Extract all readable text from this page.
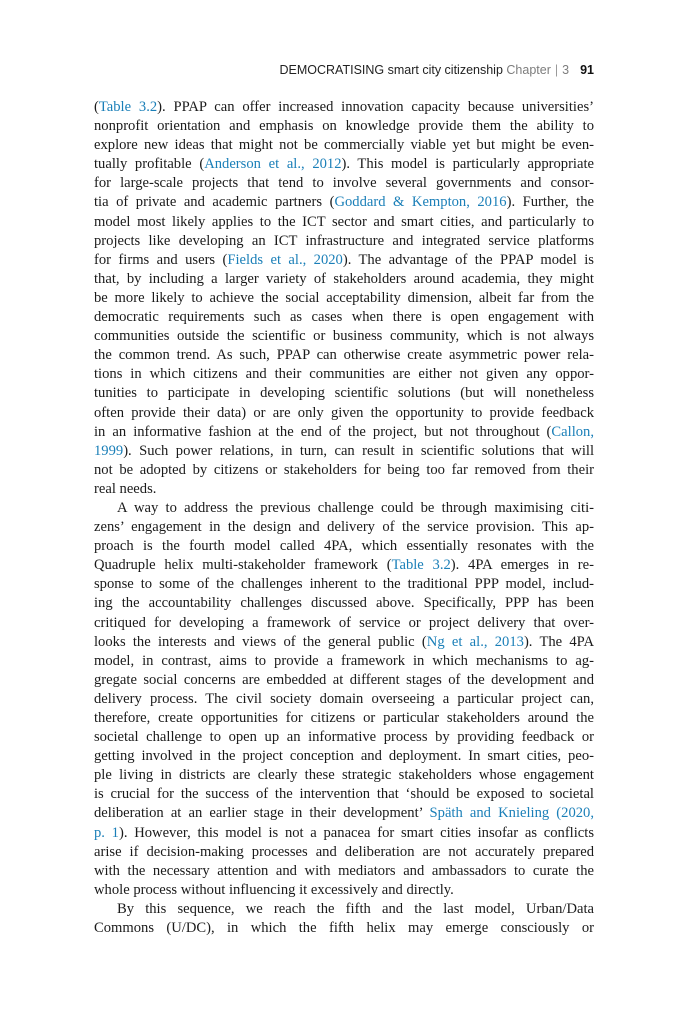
DEMOCRATISING smart city citizenship Chapter | 3 91

(Table 3.2). PPAP can offer increased innovation capacity because universities’

nonprofit orientation and emphasis on knowledge provide them the ability to

explore new ideas that might not be commercially viable yet but might be even-

tually profitable (Anderson et al., 2012). This model is particularly appropriate

for large-scale projects that tend to involve several governments and consor-

tia of private and academic partners (Goddard & Kempton, 2016). Further, the

model most likely applies to the ICT sector and smart cities, and particularly to

projects like developing an ICT infrastructure and integrated service platforms

for firms and users (Fields et al., 2020). The advantage of the PPAP model is

that, by including a larger variety of stakeholders around academia, they might

be more likely to achieve the social acceptability dimension, albeit far from the

democratic requirements such as cases when there is open engagement with

communities outside the scientific or business community, which is not always

the common trend. As such, PPAP can otherwise create asymmetric power rela-

tions in which citizens and their communities are either not given any oppor-

tunities to participate in developing scientific solutions (but will nonetheless

often provide their data) or are only given the opportunity to provide feedback

in an informative fashion at the end of the project, but not throughout (Callon,

1999). Such power relations, in turn, can result in scientific solutions that will

not be adopted by citizens or stakeholders for being too far removed from their

real needs.

A way to address the previous challenge could be through maximising citi-

zens’ engagement in the design and delivery of the service provision. This ap-

proach is the fourth model called 4PA, which essentially resonates with the

Quadruple helix multi-stakeholder framework (Table 3.2). 4PA emerges in re-

sponse to some of the challenges inherent to the traditional PPP model, includ-

ing the accountability challenges discussed above. Specifically, PPP has been

critiqued for developing a framework of service or project delivery that over-

looks the interests and views of the general public (Ng et al., 2013). The 4PA

model, in contrast, aims to provide a framework in which mechanisms to ag-

gregate social concerns are embedded at different stages of the development and

delivery process. The civil society domain overseeing a particular project can,

therefore, create opportunities for citizens or particular stakeholders around the

societal challenge to open up an informative process by providing feedback or

getting involved in the project conception and deployment. In smart cities, peo-

ple living in districts are clearly these strategic stakeholders whose engagement

is crucial for the success of the intervention that ‘should be exposed to societal

deliberation at an earlier stage in their development’ Späth and Knieling (2020,

p. 1). However, this model is not a panacea for smart cities insofar as conflicts

arise if decision-making processes and deliberation are not accurately prepared

with the necessary attention and with mediators and ambassadors to curate the

whole process without influencing it excessively and directly.

By this sequence, we reach the fifth and the last model, Urban/Data

Commons (U/DC), in which the fifth helix may emerge consciously or
